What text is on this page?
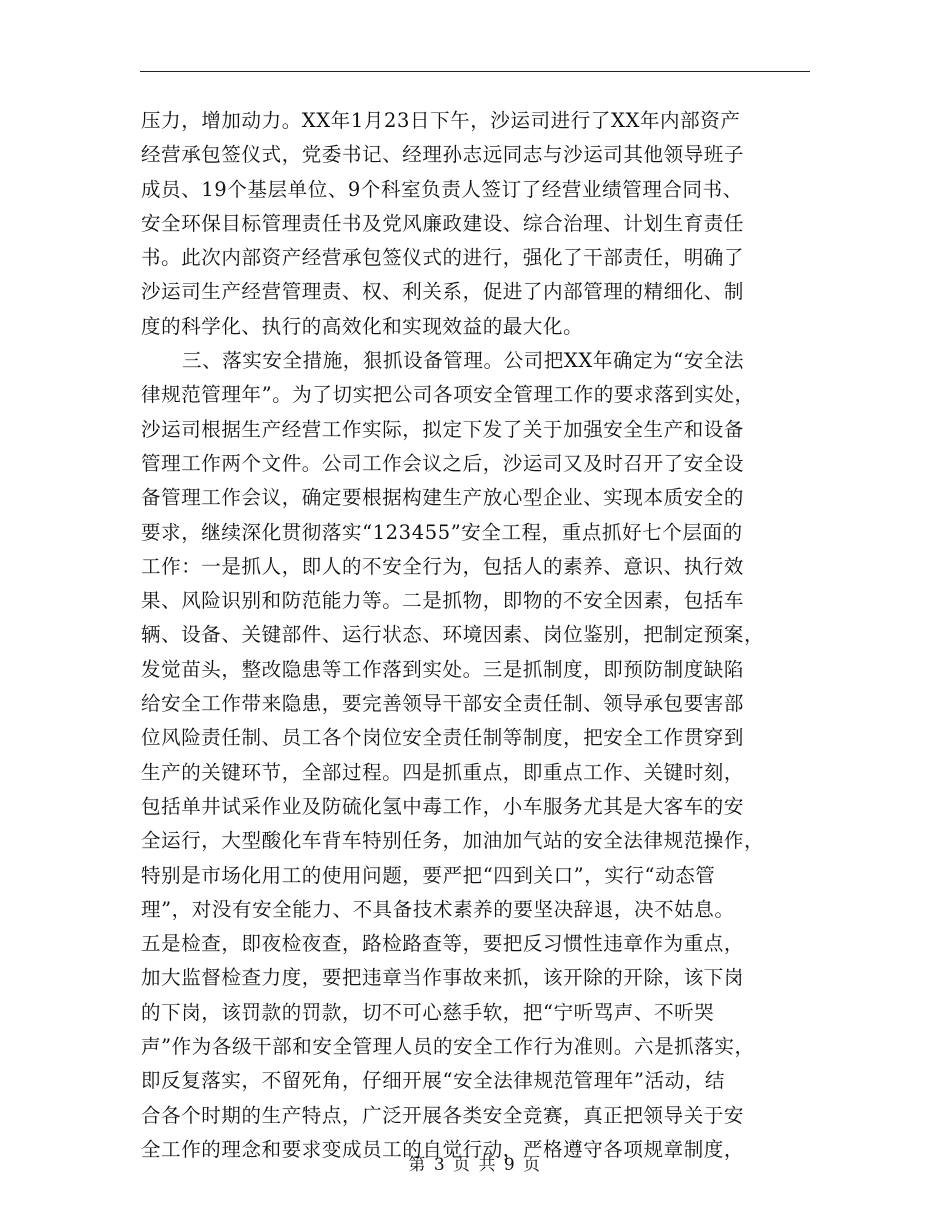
压力，增加动力。XX年1月23日下午，沙运司进行了XX年内部资产
经营承包签仪式，党委书记、经理孙志远同志与沙运司其他领导班子
成员、19个基层单位、9个科室负责人签订了经营业绩管理合同书、
安全环保目标管理责任书及党风廉政建设、综合治理、计划生育责任
书。此次内部资产经营承包签仪式的进行，强化了干部责任，明确了
沙运司生产经营管理责、权、利关系，促进了内部管理的精细化、制
度的科学化、执行的高效化和实现效益的最大化。
三、落实安全措施，狠抓设备管理。公司把XX年确定为“安全法
律规范管理年”。为了切实把公司各项安全管理工作的要求落到实处，
沙运司根据生产经营工作实际，拟定下发了关于加强安全生产和设备
管理工作两个文件。公司工作会议之后，沙运司又及时召开了安全设
备管理工作会议，确定要根据构建生产放心型企业、实现本质安全的
要求，继续深化贯彻落实“123455”安全工程，重点抓好七个层面的
工作：一是抓人，即人的不安全行为，包括人的素养、意识、执行效
果、风险识别和防范能力等。二是抓物，即物的不安全因素，包括车
辆、设备、关键部件、运行状态、环境因素、岗位鉴别，把制定预案，
发觉苗头，整改隐患等工作落到实处。三是抓制度，即预防制度缺陷
给安全工作带来隐患，要完善领导干部安全责任制、领导承包要害部
位风险责任制、员工各个岗位安全责任制等制度，把安全工作贯穿到
生产的关键环节，全部过程。四是抓重点，即重点工作、关键时刻，
包括单井试采作业及防硫化氢中毒工作，小车服务尤其是大客车的安
全运行，大型酸化车背车特别任务，加油加气站的安全法律规范操作，
特别是市场化用工的使用问题，要严把“四到关口”，实行“动态管
理”，对没有安全能力、不具备技术素养的要坚决辞退，决不姑息。
五是检查，即夜检夜查，路检路查等，要把反习惯性违章作为重点，
加大监督检查力度，要把违章当作事故来抓，该开除的开除，该下岗
的下岗，该罚款的罚款，切不可心慈手软，把“宁听骂声、不听哭
声”作为各级干部和安全管理人员的安全工作行为准则。六是抓落实，
即反复落实，不留死角，仔细开展“安全法律规范管理年”活动，结
合各个时期的生产特点，广泛开展各类安全竞赛，真正把领导关于安
全工作的理念和要求变成员工的自觉行动，严格遵守各项规章制度，
第 3 页 共 9 页
